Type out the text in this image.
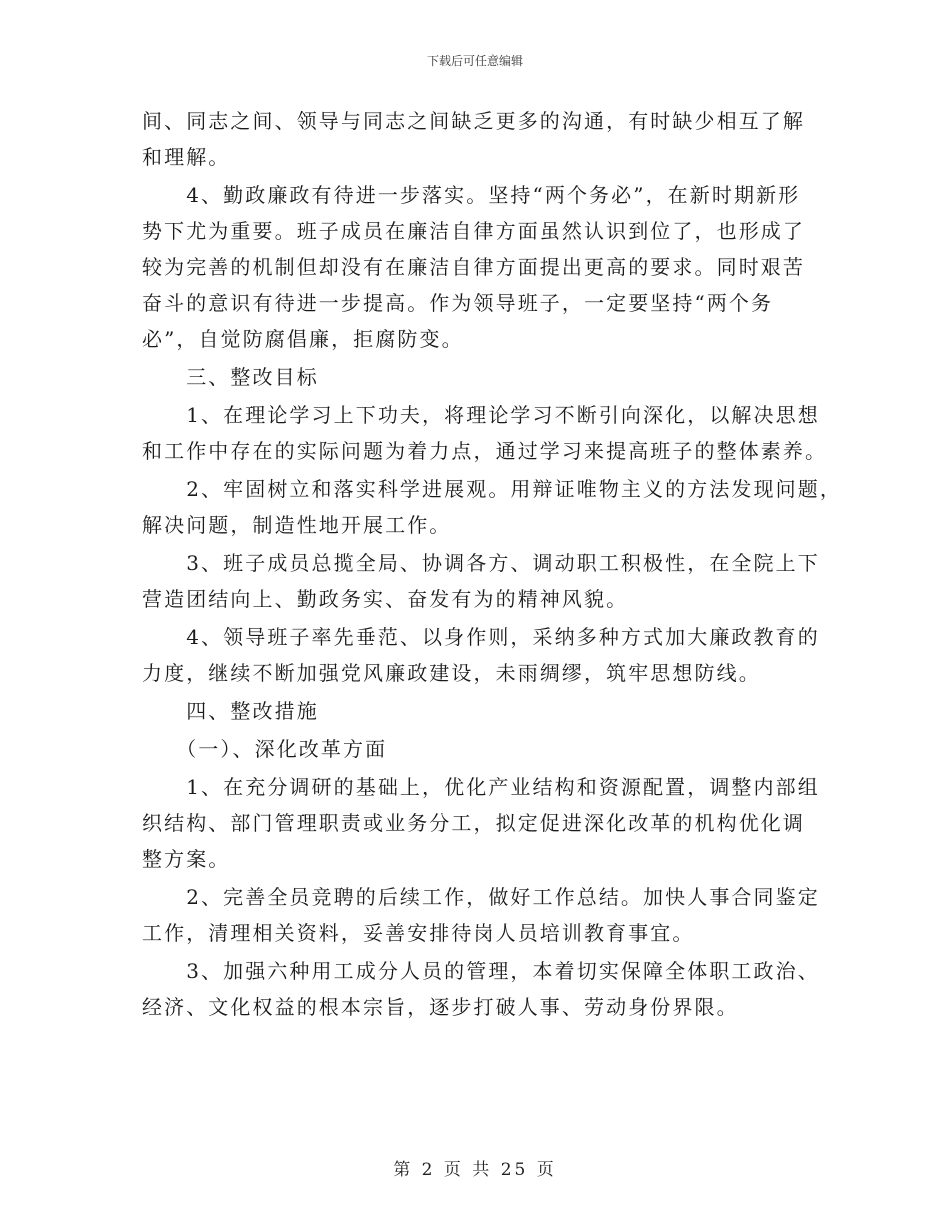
下载后可任意编辑
间、同志之间、领导与同志之间缺乏更多的沟通，有时缺少相互了解
和理解。
　　4、勤政廉政有待进一步落实。坚持“两个务必”，在新时期新形
势下尤为重要。班子成员在廉洁自律方面虽然认识到位了，也形成了
较为完善的机制但却没有在廉洁自律方面提出更高的要求。同时艰苦
奋斗的意识有待进一步提高。作为领导班子，一定要坚持“两个务
必”，自觉防腐倡廉，拒腐防变。
　　三、整改目标
　　1、在理论学习上下功夫，将理论学习不断引向深化，以解决思想
和工作中存在的实际问题为着力点，通过学习来提高班子的整体素养。
　　2、牢固树立和落实科学进展观。用辩证唯物主义的方法发现问题，
解决问题，制造性地开展工作。
　　3、班子成员总揽全局、协调各方、调动职工积极性，在全院上下
营造团结向上、勤政务实、奋发有为的精神风貌。
　　4、领导班子率先垂范、以身作则，采纳多种方式加大廉政教育的
力度，继续不断加强党风廉政建设，未雨绸缪，筑牢思想防线。
　　四、整改措施
　　（一）、深化改革方面
　　1、在充分调研的基础上，优化产业结构和资源配置，调整内部组
织结构、部门管理职责或业务分工，拟定促进深化改革的机构优化调
整方案。
　　2、完善全员竞聘的后续工作，做好工作总结。加快人事合同鉴定
工作，清理相关资料，妥善安排待岗人员培训教育事宜。
　　3、加强六种用工成分人员的管理，本着切实保障全体职工政治、
经济、文化权益的根本宗旨，逐步打破人事、劳动身份界限。
第 2 页 共 25 页
